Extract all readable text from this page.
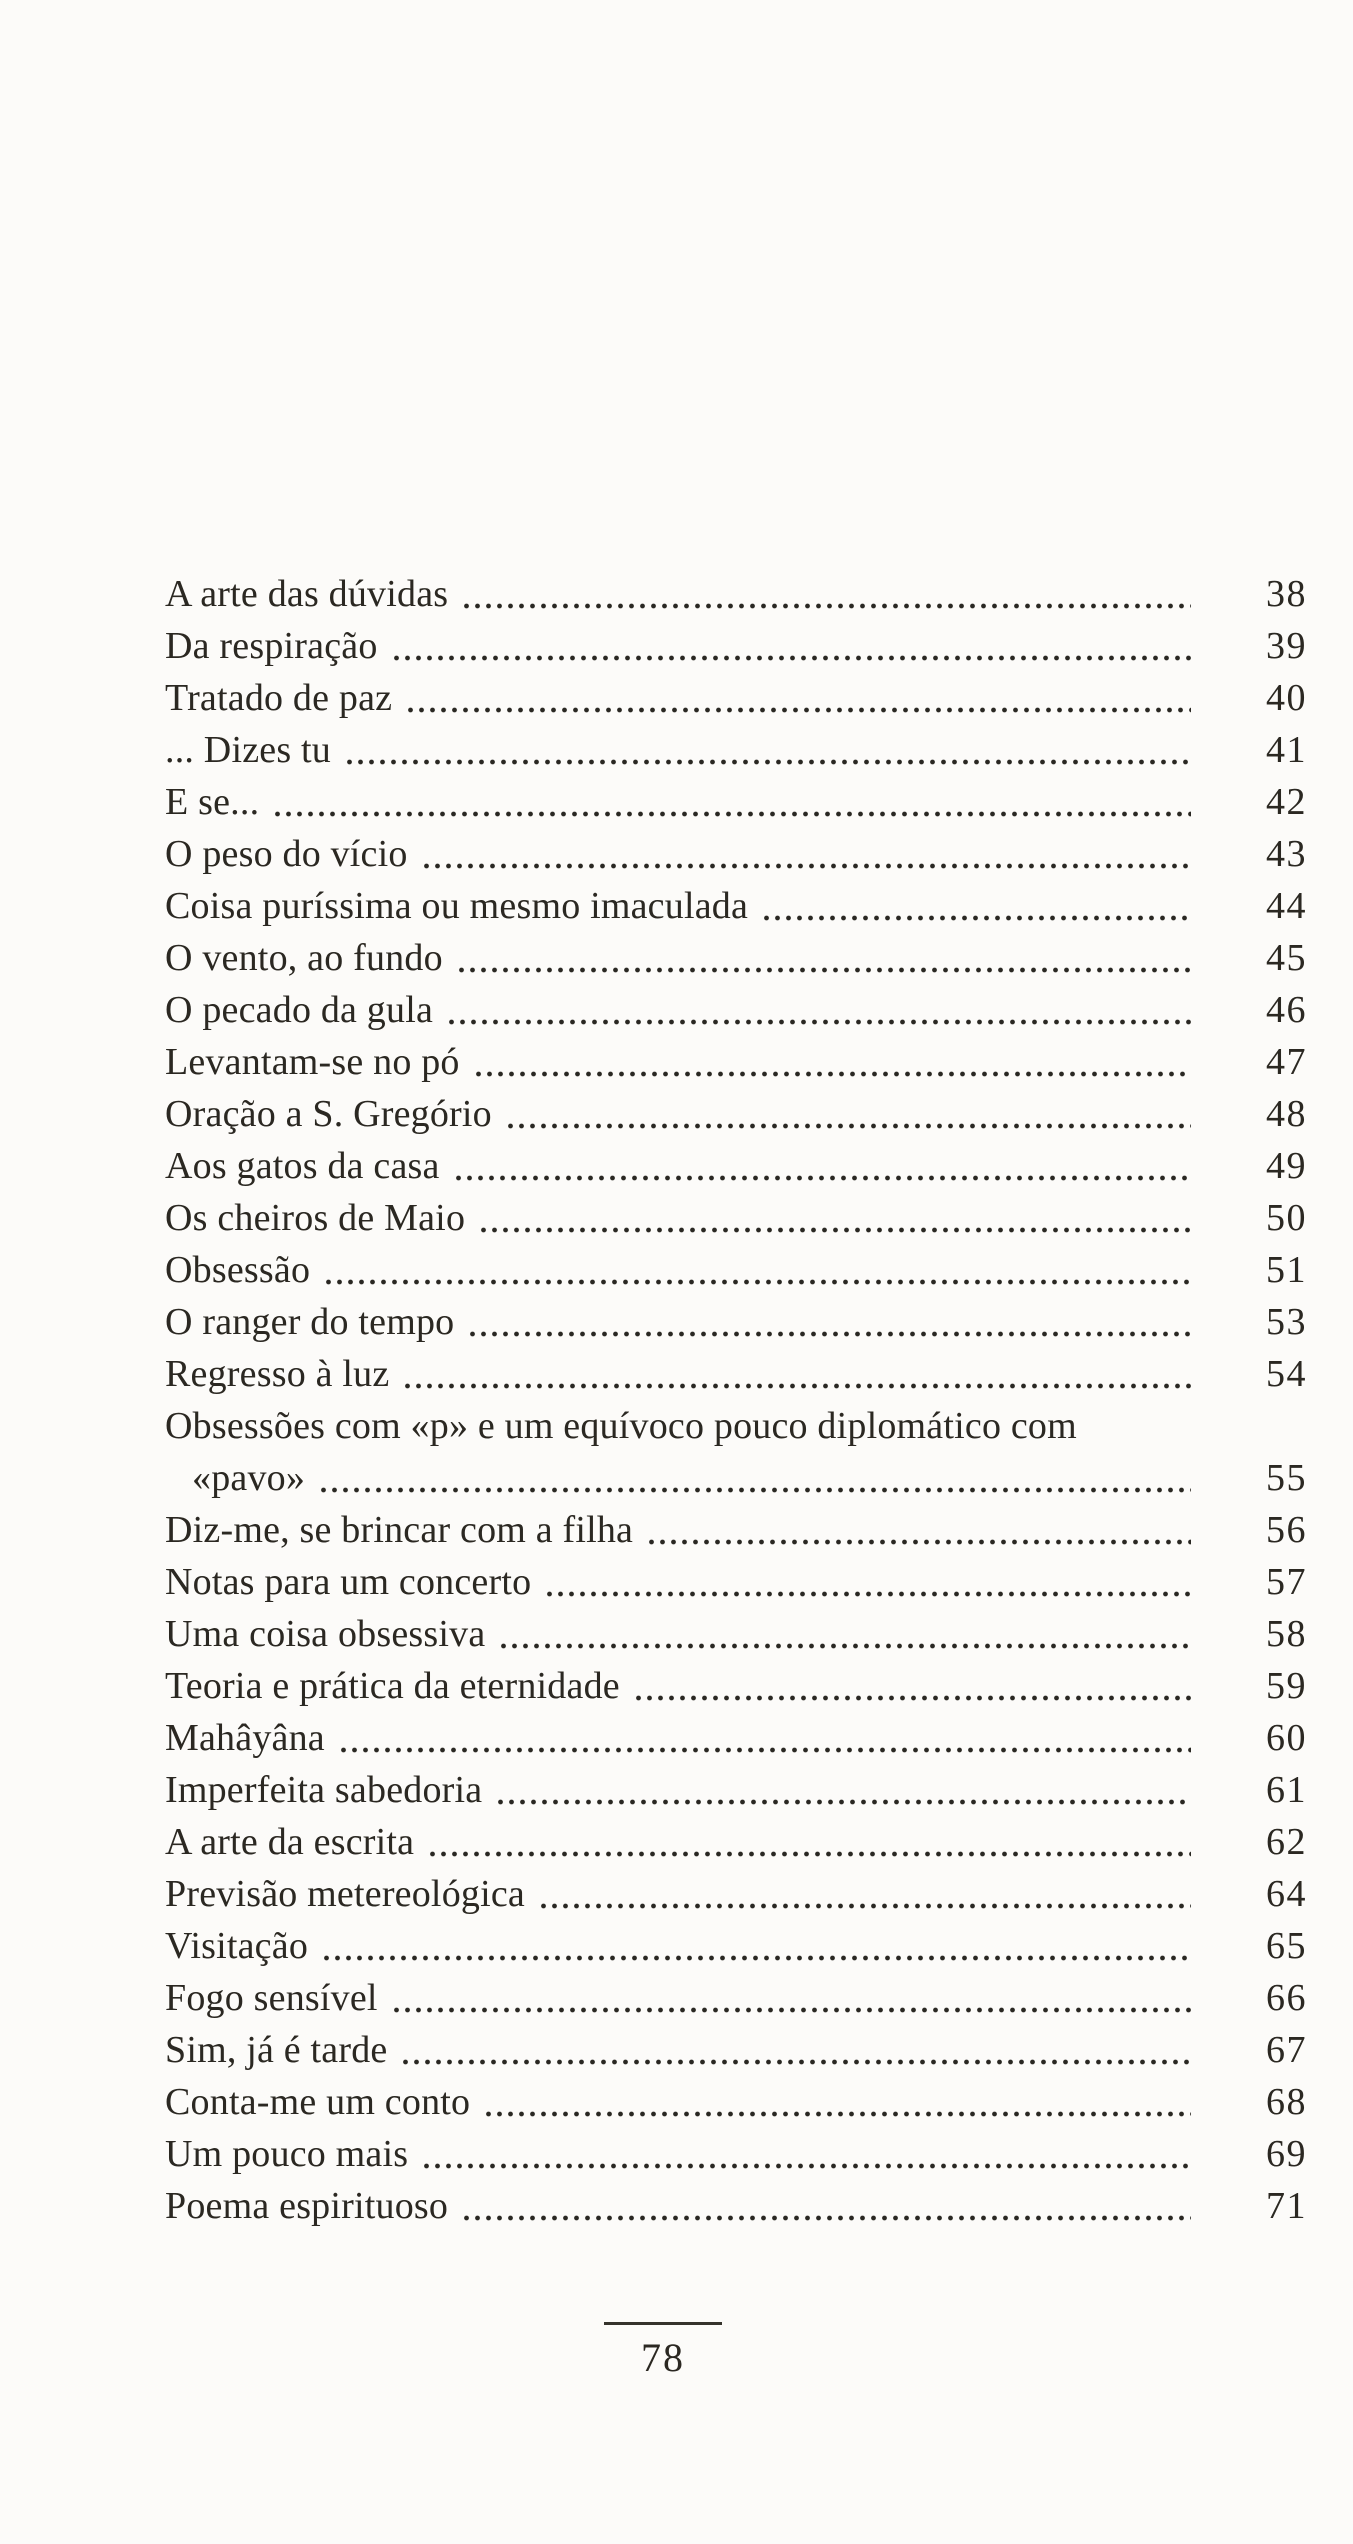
A arte das dúvidas	38
Da respiração	39
Tratado de paz	40
... Dizes tu	41
E se...	42
O peso do vício	43
Coisa puríssima ou mesmo imaculada	44
O vento, ao fundo	45
O pecado da gula	46
Levantam-se no pó	47
Oração a S. Gregório	48
Aos gatos da casa	49
Os cheiros de Maio	50
Obsessão	51
O ranger do tempo	53
Regresso à luz	54
Obsessões com «p» e um equívoco pouco diplomático com
«pavo»	55
Diz-me, se brincar com a filha	56
Notas para um concerto	57
Uma coisa obsessiva	58
Teoria e prática da eternidade	59
Mahâyâna	60
Imperfeita sabedoria	61
A arte da escrita	62
Previsão metereológica	64
Visitação	65
Fogo sensível	66
Sim, já é tarde	67
Conta-me um conto	68
Um pouco mais	69
Poema espirituoso	71
78
